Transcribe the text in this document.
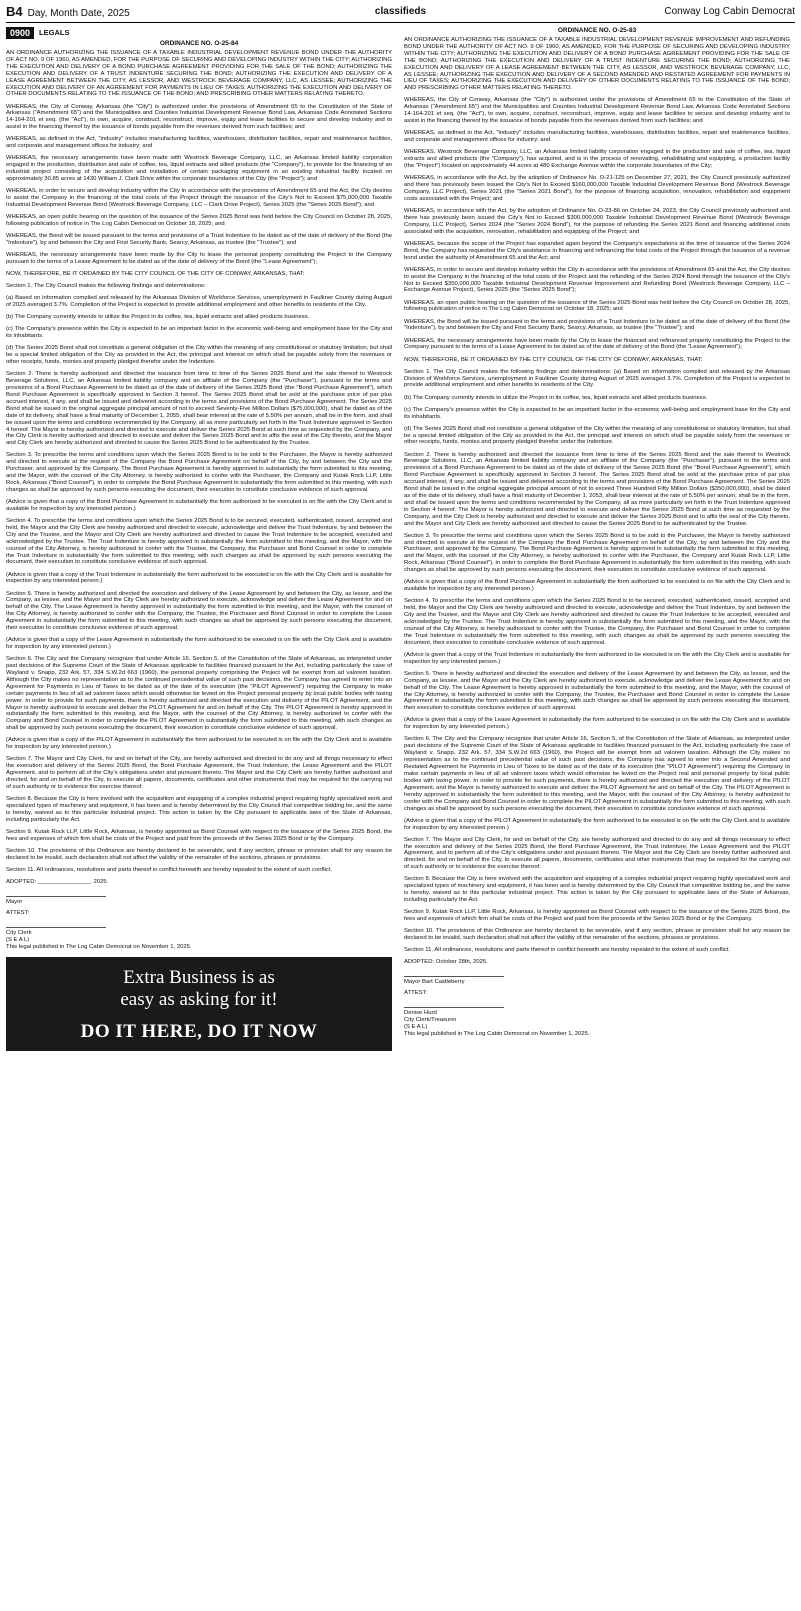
B4 Day, Month Date, 2025	classifieds	Conway Log Cabin Democrat
0900	LEGALS
ORDINANCE NO. O-25-84

AN ORDINANCE AUTHORIZING THE ISSUANCE OF A TAXABLE INDUSTRIAL DEVELOPMENT REVENUE BOND UNDER THE AUTHORITY OF ACT NO. 9 OF 1960, AS AMENDED, FOR THE PURPOSE OF SECURING AND DEVELOPING INDUSTRY WITHIN THE CITY; AUTHORIZING THE EXECUTION AND DELIVERY OF A BOND PURCHASE AGREEMENT PROVIDING FOR THE SALE OF THE BOND; AUTHORIZING THE EXECUTION AND DELIVERY OF A TRUST INDENTURE SECURING THE BOND; AUTHORIZING THE EXECUTION AND DELIVERY OF A LEASE AGREEMENT BETWEEN THE CITY, AS LESSOR, AND WESTROCK BEVERAGE COMPANY, LLC, AS LESSEE; AUTHORIZING THE EXECUTION AND DELIVERY OF AN AGREEMENT FOR PAYMENTS IN LIEU OF TAXES; AUTHORIZING THE EXECUTION AND DELIVERY OF OTHER DOCUMENTS RELATING TO THE ISSUANCE OF THE BOND; AND PRESCRIBING OTHER MATTERS RELATING THERETO.

WHEREAS, the City of Conway, Arkansas (the "City") is authorized under the provisions of Amendment 65 to the Constitution of the State of Arkansas ("Amendment 65") and the Municipalities and Counties Industrial Development Revenue Bond Law, Arkansas Code Annotated Sections 14-164-201 et seq. (the "Act"), to own, acquire, construct, reconstruct, improve, equip and lease facilities to secure and develop industry and to assist in the financing thereof by the issuance of bonds payable from the revenues derived from such facilities; and

WHEREAS, as defined in the Act, "industry" includes manufacturing facilities, warehouses, distribution facilities, repair and maintenance facilities, and corporate and management offices for industry; and

WHEREAS, the necessary arrangements have been made with Westrock Beverage Company, LLC, an Arkansas limited liability corporation engaged in the production, distribution and sale of coffee, tea, liquid extracts and allied products (the "Company"), to provide for the financing of an industrial project consisting of the acquisition and installation of certain packaging equipment in an existing industrial facility located on approximately 30.85 acres at 1430 William J. Clark Drive within the corporate boundaries of the City (the "Project"); and

WHEREAS, in order to secure and develop industry within the City in accordance with the provisions of Amendment 65 and the Act, the City desires to assist the Company in the financing of the total costs of the Project through the issuance of the City's Not to Exceed $75,000,000 Taxable Industrial Development Revenue Bond (Westrock Beverage Company, LLC – Clark Drive Project), Series 2025 (the "Series 2025 Bond"); and

WHEREAS, an open public hearing on the question of the issuance of the Series 2025 Bond was held before the City Council on October 28, 2025, following publication of notice in The Log Cabin Democrat on October 18, 2025; and

WHEREAS, the Bond will be issued pursuant to the terms and provisions of a Trust Indenture to be dated as of the date of delivery of the Bond (the "Indenture"), by and between the City and First Security Bank, Searcy, Arkansas, as trustee (the "Trustee"); and

WHEREAS, the necessary arrangements have been made by the City to lease the personal property constituting the Project to the Company pursuant to the terms of a Lease Agreement to be dated as of the date of delivery of the Bond (the "Lease Agreement");

NOW, THEREFORE, BE IT ORDAINED BY THE CITY COUNCIL OF THE CITY OF CONWAY, ARKANSAS, THAT:

Section 1. The City Council makes the following findings and determinations:

(a) Based on information compiled and released by the Arkansas Division of Workforce Services, unemployment in Faulkner County during August of 2025 averaged 3.7%. Completion of the Project is expected to provide additional employment and other benefits to residents of the City.

(b) The Company currently intends to utilize the Project in its coffee, tea, liquid extracts and allied products business.

(c) The Company's presence within the City is expected to be an important factor in the economic well-being and employment base for the City and its inhabitants.

(d) The Series 2025 Bond shall not constitute a general obligation of the City within the meaning of any constitutional or statutory limitation, but shall be a special limited obligation of the City as provided in the Act, the principal and interest on which shall be payable solely from the revenues or other receipts, funds, monies and property pledged therefor under the Indenture.

Section 2. There is hereby authorized and directed the issuance from time to time of the Series 2025 Bond and the sale thereof to Westrock Beverage Solutions, LLC, an Arkansas limited liability company and an affiliate of the Company (the "Purchaser"), pursuant to the terms and provisions of a Bond Purchase Agreement to be dated as of the date of delivery of the Series 2025 Bond (the "Bond Purchase Agreement"), which Bond Purchase Agreement is specifically approved in Section 3 hereof. The Series 2025 Bond shall be sold at the purchase price of par plus accrued interest, if any, and shall be issued and delivered according to the terms and provisions of the Bond Purchase Agreement. The Series 2025 Bond shall be issued in the original aggregate principal amount of not to exceed Seventy-Five Million Dollars ($75,000,000), shall be dated as of the date of its delivery, shall have a final maturity of December 1, 2055, shall bear interest at the rate of 5.50% per annum, shall be in the form, and shall be issued upon the terms and conditions recommended by the Company, all as more particularly set forth in the Trust Indenture approved in Section 4 hereof. The Mayor is hereby authorized and directed to execute and deliver the Series 2025 Bond at such time as requested by the Company, and the City Clerk is hereby authorized and directed to execute and deliver the Series 2025 Bond and to affix the seal of the City thereto, and the Mayor and City Clerk are hereby authorized and directed to cause the Series 2025 Bond to be authenticated by the Trustee.

Section 3. To prescribe the terms and conditions upon which the Series 2025 Bond is to be sold to the Purchaser, the Mayor is hereby authorized and directed to execute at the request of the Company the Bond Purchase Agreement on behalf of the City, by and between the City and the Purchaser, and approved by the Company. The Bond Purchase Agreement is hereby approved in substantially the form submitted to this meeting, and the Mayor, with the counsel of the City Attorney, is hereby authorized to confer with the Purchaser, the Company and Kutak Rock LLP, Little Rock, Arkansas ("Bond Counsel"), in order to complete the Bond Purchase Agreement in substantially the form submitted to this meeting, with such changes as shall be approved by such persons executing the document, their execution to constitute conclusive evidence of such approval.

(Advice is given that a copy of the Bond Purchase Agreement in substantially the form authorized to be executed is on file with the City Clerk and is available for inspection by any interested person.)

Section 4. To prescribe the terms and conditions upon which the Series 2025 Bond is to be secured, executed, authenticated, issued, accepted and held, the Mayor and the City Clerk are hereby authorized and directed to execute, acknowledge and deliver the Trust Indenture, by and between the City and the Trustee, and the Mayor and City Clerk are hereby authorized and directed to cause the Trust Indenture to be accepted, executed and acknowledged by the Trustee. The Trust Indenture is hereby approved in substantially the form submitted to this meeting, and the Mayor, with the counsel of the City Attorney, is hereby authorized to confer with the Trustee, the Company, the Purchaser and Bond Counsel in order to complete the Trust Indenture in substantially the form submitted to this meeting, with such changes as shall be approved by such persons executing the document, their execution to constitute conclusive evidence of such approval.

(Advice is given that a copy of the Trust Indenture in substantially the form authorized to be executed is on file with the City Clerk and is available for inspection by any interested person.)

Section 5. There is hereby authorized and directed the execution and delivery of the Lease Agreement by and between the City, as lessor, and the Company, as lessee, and the Mayor and the City Clerk are hereby authorized to execute, acknowledge and deliver the Lease Agreement for and on behalf of the City. The Lease Agreement is hereby approved in substantially the form submitted to this meeting, and the Mayor, with the counsel of the City Attorney, is hereby authorized to confer with the Company, the Trustee, the Purchaser and Bond Counsel in order to complete the Lease Agreement in substantially the form submitted to this meeting, with such changes as shall be approved by such persons executing the document, their execution to constitute conclusive evidence of such approval.

(Advice is given that a copy of the Lease Agreement in substantially the form authorized to be executed is on file with the City Clerk and is available for inspection by any interested person.)

Section 6. The City and the Company recognize that under Article 16, Section 5, of the Constitution of the State of Arkansas, as interpreted under past decisions of the Supreme Court of the State of Arkansas applicable to facilities financed pursuant to the Act, including particularly the case of Wayland v. Snapp, 232 Ark. 57, 334 S.W.2d 663 (1960), the personal property comprising the Project will be exempt from ad valorem taxation. Although the City makes no representation as to the continued precedential value of such past decisions, the Company has agreed to enter into an Agreement for Payments in Lieu of Taxes to be dated as of the date of its execution (the "PILOT Agreement") requiring the Company to make certain payments in lieu of all ad valorem taxes which would otherwise be levied on the Project personal property by local public bodies with taxing power. In order to provide for such payments, there is hereby authorized and directed the execution and delivery of the PILOT Agreement, and the Mayor is hereby authorized to execute and deliver the PILOT Agreement for and on behalf of the City. The PILOT Agreement is hereby approved in substantially the form submitted to this meeting, and the Mayor, with the counsel of the City Attorney, is hereby authorized to confer with the Company and Bond Counsel in order to complete the PILOT Agreement in substantially the form submitted to this meeting, with such changes as shall be approved by such persons executing the document, their execution to constitute conclusive evidence of such approval.

(Advice is given that a copy of the PILOT Agreement in substantially the form authorized to be executed is on file with the City Clerk and is available for inspection by any interested person.)

Section 7. The Mayor and City Clerk, for and on behalf of the City, are hereby authorized and directed to do any and all things necessary to effect the execution and delivery of the Series 2025 Bond, the Bond Purchase Agreement, the Trust Indenture, the Lease Agreement and the PILOT Agreement, and to perform all of the City's obligations under and pursuant thereto. The Mayor and the City Clerk are hereby further authorized and directed, for and on behalf of the City, to execute all papers, documents, certificates and other instruments that may be required for the carrying out of such authority or to evidence the exercise thereof.

Section 8. Because the City is here involved with the acquisition and equipping of a complex industrial project requiring highly specialized work and specialized types of machinery and equipment, it has been and is hereby determined by the City Council that competitive bidding be, and the same is hereby, waived as to this particular industrial project. This action is taken by the City pursuant to applicable laws of the State of Arkansas, including particularly the Act.

Section 9. Kutak Rock LLP, Little Rock, Arkansas, is hereby appointed as Bond Counsel with respect to the issuance of the Series 2025 Bond, the fees and expenses of which firm shall be costs of the Project and paid from the proceeds of the Series 2025 Bond or by the Company.

Section 10. The provisions of this Ordinance are hereby declared to be severable, and if any section, phrase or provision shall for any reason be declared to be invalid, such declaration shall not affect the validity of the remainder of the sections, phrases or provisions.

Section 11. All ordinances, resolutions and parts thereof in conflict herewith are hereby repealed to the extent of such conflict.

ADOPTED: ________________, 2025.
Mayor
ATTEST:
City Clerk
(S E A L)
This legal published in The Log Cabin Democrat on November 1, 2025.
Extra Business is as
easy as asking for it!
DO IT HERE, DO IT NOW
ORDINANCE NO. O-25-83

AN ORDINANCE AUTHORIZING THE ISSUANCE OF A TAXABLE INDUSTRIAL DEVELOPMENT REVENUE IMPROVEMENT AND REFUNDING BOND UNDER THE AUTHORITY OF ACT NO. 9 OF 1960, AS AMENDED, FOR THE PURPOSE OF SECURING AND DEVELOPING INDUSTRY WITHIN THE CITY; AUTHORIZING THE EXECUTION AND DELIVERY OF A BOND PURCHASE AGREEMENT PROVIDING FOR THE SALE OF THE BOND; AUTHORIZING THE EXECUTION AND DELIVERY OF A TRUST INDENTURE SECURING THE BOND; AUTHORIZING THE EXECUTION AND DELIVERY OF A LEASE AGREEMENT BETWEEN THE CITY, AS LESSOR, AND WESTROCK BEVERAGE COMPANY, LLC, AS LESSEE; AUTHORIZING THE EXECUTION AND DELIVERY OF A SECOND AMENDED AND RESTATED AGREEMENT FOR PAYMENTS IN LIEU OF TAXES; AUTHORIZING THE EXECUTION AND DELIVERY OF OTHER DOCUMENTS RELATING TO THE ISSUANCE OF THE BOND; AND PRESCRIBING OTHER MATTERS RELATING THERETO.

WHEREAS, the City of Conway, Arkansas (the "City") is authorized under the provisions of Amendment 65 to the Constitution of the State of Arkansas ("Amendment 65") and the Municipalities and Counties Industrial Development Revenue Bond Law, Arkansas Code Annotated Sections 14-164-201 et seq. (the "Act"), to own, acquire, construct, reconstruct, improve, equip and lease facilities to secure and develop industry and to assist in the financing thereof by the issuance of bonds payable from the revenues derived from such facilities; and

WHEREAS, as defined in the Act, "industry" includes manufacturing facilities, warehouses, distribution facilities, repair and maintenance facilities, and corporate and management offices for industry; and

WHEREAS, Westrock Beverage Company, LLC, an Arkansas limited liability corporation engaged in the production and sale of coffee, tea, liquid extracts and allied products (the "Company"), has acquired, and is in the process of renovating, rehabilitating and equipping, a production facility (the "Project") located on approximately 44 acres at 480 Exchange Avenue within the corporate boundaries of the City;

WHEREAS, in accordance with the Act, by the adoption of Ordinance No. O-21-125 on December 27, 2021, the City Council previously authorized and there has previously been issued the City's Not to Exceed $160,000,000 Taxable Industrial Development Revenue Bond (Westrock Beverage Company, LLC Project), Series 2021 (the "Series 2021 Bond"), for the purpose of financing acquisition, renovation, rehabilitation and equipment costs associated with the Project; and

WHEREAS, in accordance with the Act, by the adoption of Ordinance No. O-23-86 on October 24, 2023, the City Council previously authorized and there has previously been issued the City's Not to Exceed $300,000,000 Taxable Industrial Development Revenue Bond (Westrock Beverage Company, LLC Project), Series 2024 (the "Series 2024 Bond"), for the purpose of refunding the Series 2021 Bond and financing additional costs associated with the acquisition, renovation, rehabilitation and equipping of the Project; and

WHEREAS, because the scope of the Project has expanded again beyond the Company's expectations at the time of issuance of the Series 2024 Bond, the Company has requested the City's assistance in financing and refinancing the total costs of the Project through the issuance of a revenue bond under the authority of Amendment 65 and the Act; and

WHEREAS, in order to secure and develop industry within the City in accordance with the provisions of Amendment 65 and the Act, the City desires to assist the Company in the financing of the total costs of the Project and the refunding of the Series 2024 Bond through the issuance of the City's Not to Exceed $350,000,000 Taxable Industrial Development Revenue Improvement and Refunding Bond (Westrock Beverage Company, LLC – Exchange Avenue Project), Series 2025 (the "Series 2025 Bond");

WHEREAS, an open public hearing on the question of the issuance of the Series 2025 Bond was held before the City Council on October 28, 2025, following publication of notice in The Log Cabin Democrat on October 18, 2025; and

WHEREAS, the Bond will be issued pursuant to the terms and provisions of a Trust Indenture to be dated as of the date of delivery of the Bond (the "Indenture"), by and between the City and First Security Bank, Searcy, Arkansas, as trustee (the "Trustee"); and

WHEREAS, the necessary arrangements have been made by the City to lease the financed and refinanced property constituting the Project to the Company pursuant to the terms of a Lease Agreement to be dated as of the date of delivery of the Bond (the "Lease Agreement");

NOW, THEREFORE, BE IT ORDAINED BY THE CITY COUNCIL OF THE CITY OF CONWAY, ARKANSAS, THAT:

Section 1. The City Council makes the following findings and determinations: (a) Based on information compiled and released by the Arkansas Division of Workforce Services, unemployment in Faulkner County during August of 2025 averaged 3.7%. Completion of the Project is expected to provide additional employment and other benefits to residents of the City.

(b) The Company currently intends to utilize the Project in its coffee, tea, liquid extracts and allied products business.

(c) The Company's presence within the City is expected to be an important factor in the economic well-being and employment base for the City and its inhabitants.

(d) The Series 2025 Bond shall not constitute a general obligation of the City within the meaning of any constitutional or statutory limitation, but shall be a special limited obligation of the City as provided in the Act, the principal and interest on which shall be payable solely from the revenues or other receipts, funds, monies and property pledged therefor under the Indenture.

Section 2. There is hereby authorized and directed the issuance from time to time of the Series 2025 Bond and the sale thereof to Westrock Beverage Solutions, LLC, an Arkansas limited liability company and an affiliate of the Company (the "Purchaser"), pursuant to the terms and provisions of a Bond Purchase Agreement to be dated as of the date of delivery of the Series 2025 Bond (the "Bond Purchase Agreement"), which Bond Purchase Agreement is specifically approved in Section 3 hereof. The Series 2025 Bond shall be sold at the purchase price of par plus accrued interest, if any, and shall be issued and delivered according to the terms and provisions of the Bond Purchase Agreement. The Series 2025 Bond shall be issued in the original aggregate principal amount of not to exceed Three Hundred Fifty Million Dollars ($350,000,000), shall be dated as of the date of its delivery, shall have a final maturity of December 1, 2053, shall bear interest at the rate of 5.50% per annum, shall be in the form, and shall be issued upon the terms and conditions recommended by the Company, all as more particularly set forth in the Trust Indenture approved in Section 4 hereof. The Mayor is hereby authorized and directed to execute and deliver the Series 2025 Bond at such time as requested by the Company, and the City Clerk is hereby authorized and directed to execute and deliver the Series 2025 Bond and to affix the seal of the City thereto, and the Mayor and City Clerk are hereby authorized and directed to cause the Series 2025 Bond to be authenticated by the Trustee.

Section 3. To prescribe the terms and conditions upon which the Series 2025 Bond is to be sold to the Purchaser, the Mayor is hereby authorized and directed to execute at the request of the Company the Bond Purchase Agreement on behalf of the City, by and between the City and the Purchaser, and approved by the Company. The Bond Purchase Agreement is hereby approved in substantially the form submitted to this meeting, and the Mayor, with the counsel of the City Attorney, is hereby authorized to confer with the Purchaser, the Company and Kutak Rock LLP, Little Rock, Arkansas ("Bond Counsel"), in order to complete the Bond Purchase Agreement in substantially the form submitted to this meeting, with such changes as shall be approved by such persons executing the document, their execution to constitute conclusive evidence of such approval.

(Advice is given that a copy of the Bond Purchase Agreement in substantially the form authorized to be executed is on file with the City Clerk and is available for inspection by any interested person.)

Section 4. To prescribe the terms and conditions upon which the Series 2025 Bond is to be secured, executed, authenticated, issued, accepted and held, the Mayor and the City Clerk are hereby authorized and directed to execute, acknowledge and deliver the Trust Indenture, by and between the City and the Trustee, and the Mayor and City Clerk are hereby authorized and directed to cause the Trust Indenture to be accepted, executed and acknowledged by the Trustee. The Trust Indenture is hereby approved in substantially the form submitted to this meeting, and the Mayor, with the counsel of the City Attorney, is hereby authorized to confer with the Trustee, the Company, the Purchaser and Bond Counsel in order to complete the Trust Indenture in substantially the form submitted to this meeting, with such changes as shall be approved by such persons executing the document, their execution to constitute conclusive evidence of such approval.

(Advice is given that a copy of the Trust Indenture in substantially the form authorized to be executed is on file with the City Clerk and is available for inspection by any interested person.)

Section 5. There is hereby authorized and directed the execution and delivery of the Lease Agreement by and between the City, as lessor, and the Company, as lessee, and the Mayor and the City Clerk are hereby authorized to execute, acknowledge and deliver the Lease Agreement for and on behalf of the City. The Lease Agreement is hereby approved in substantially the form submitted to this meeting, and the Mayor, with the counsel of the City Attorney, is hereby authorized to confer with the Company, the Trustee, the Purchaser and Bond Counsel in order to complete the Lease Agreement in substantially the form submitted to this meeting, with such changes as shall be approved by such persons executing the document, their execution to constitute conclusive evidence of such approval.

(Advice is given that a copy of the Lease Agreement in substantially the form authorized to be executed is on file with the City Clerk and is available for inspection by any interested person.)

Section 6. The City and the Company recognize that under Article 16, Section 5, of the Constitution of the State of Arkansas, as interpreted under past decisions of the Supreme Court of the State of Arkansas applicable to facilities financed pursuant to the Act, including particularly the case of Wayland v. Snapp, 232 Ark. 57, 334 S.W.2d 663 (1960), the Project will be exempt from ad valorem taxation. Although the City makes no representation as to the continued precedential value of such past decisions, the Company has agreed to enter into a Second Amended and Restated Agreement for Payments in Lieu of Taxes to be dated as of the date of its execution (the "PILOT Agreement") requiring the Company to make certain payments in lieu of all ad valorem taxes which would otherwise be levied on the Project real and personal property by local public bodies with taxing power. In order to provide for such payments, there is hereby authorized and directed the execution and delivery of the PILOT Agreement, and the Mayor is hereby authorized to execute and deliver the PILOT Agreement for and on behalf of the City. The PILOT Agreement is hereby approved in substantially the form submitted to this meeting, and the Mayor, with the counsel of the City Attorney, is hereby authorized to confer with the Company and Bond Counsel in order to complete the PILOT Agreement in substantially the form submitted to this meeting, with such changes as shall be approved by such persons executing the document, their execution to constitute conclusive evidence of such approval.

(Advice is given that a copy of the PILOT Agreement in substantially the form authorized to be executed is on file with the City Clerk and is available for inspection by any interested person.)

Section 7. The Mayor and City Clerk, for and on behalf of the City, are hereby authorized and directed to do any and all things necessary to effect the execution and delivery of the Series 2025 Bond, the Bond Purchase Agreement, the Trust Indenture, the Lease Agreement and the PILOT Agreement, and to perform all of the City's obligations under and pursuant thereto. The Mayor and the City Clerk are hereby further authorized and directed, for and on behalf of the City, to execute all papers, documents, certificates and other instruments that may be required for the carrying out of such authority or to evidence the exercise thereof.

Section 8. Because the City is here involved with the acquisition and equipping of a complex industrial project requiring highly specialized work and specialized types of machinery and equipment, it has been and is hereby determined by the City Council that competitive bidding be, and the same is hereby, waived as to this particular industrial project. This action is taken by the City pursuant to applicable laws of the State of Arkansas, including particularly the Act.

Section 9. Kutak Rock LLP, Little Rock, Arkansas, is hereby appointed as Bond Counsel with respect to the issuance of the Series 2025 Bond, the fees and expenses of which firm shall be costs of the Project and paid from the proceeds of the Series 2025 Bond or by the Company.

Section 10. The provisions of this Ordinance are hereby declared to be severable, and if any section, phrase or provision shall for any reason be declared to be invalid, such declaration shall not affect the validity of the remainder of the sections, phrases or provisions.

Section 11. All ordinances, resolutions and parts thereof in conflict herewith are hereby repealed to the extent of such conflict.

ADOPTED: October 28th, 2025.
Mayor Bart Castleberry
ATTEST:
Denise Hurd
City Clerk/Treasurer
(S E A L)
This legal published in The Log Cabin Democrat on November 1, 2025.
